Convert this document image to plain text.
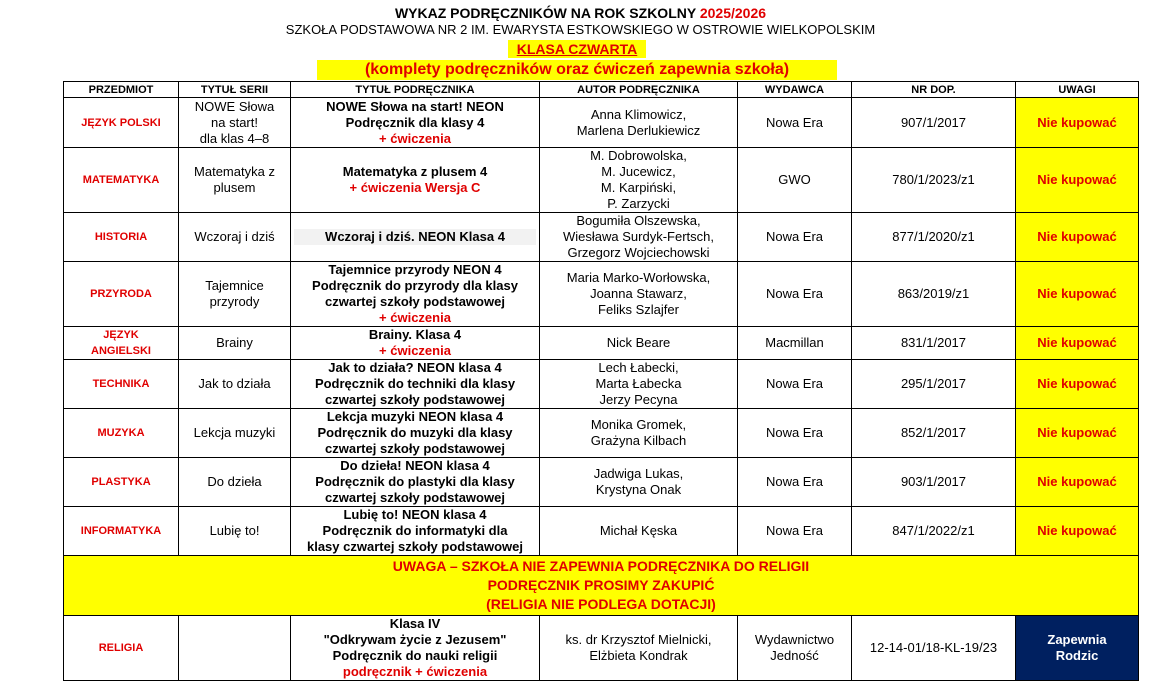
WYKAZ PODRĘCZNIKÓW NA ROK SZKOLNY 2025/2026
SZKOŁA PODSTAWOWA NR 2 IM. EWARYSTA ESTKOWSKIEGO W OSTROWIE WIELKOPOLSKIM
KLASA CZWARTA
(komplety podręczników oraz ćwiczeń zapewnia szkoła)
PRZEDMIOT	TYTUŁ SERII	TYTUŁ PODRĘCZNIKA	AUTOR PODRĘCZNIKA	WYDAWCA	NR DOP.	UWAGI

JĘZYK POLSKI	NOWE Słowa
na start!
dla klas 4–8	NOWE Słowa na start! NEON
Podręcznik dla klasy 4
+ ćwiczenia	Anna Klimowicz,
Marlena Derlukiewicz	Nowa Era	907/1/2017	Nie kupować

MATEMATYKA	Matematyka z
plusem	Matematyka z plusem 4
+ ćwiczenia Wersja C	M. Dobrowolska,
M. Jucewicz,
M. Karpiński,
P. Zarzycki	GWO	780/1/2023/z1	Nie kupować

HISTORIA	Wczoraj i dziś	Wczoraj i dziś. NEON Klasa 4	Bogumiła Olszewska,
Wiesława Surdyk-Fertsch,
Grzegorz Wojciechowski	Nowa Era	877/1/2020/z1	Nie kupować

PRZYRODA	Tajemnice
przyrody	Tajemnice przyrody NEON 4
Podręcznik do przyrody dla klasy
czwartej szkoły podstawowej
+ ćwiczenia	Maria Marko-Worłowska,
Joanna Stawarz,
Feliks Szlajfer	Nowa Era	863/2019/z1	Nie kupować

JĘZYK
ANGIELSKI	Brainy	Brainy. Klasa 4
+ ćwiczenia	Nick Beare	Macmillan	831/1/2017	Nie kupować

TECHNIKA	Jak to działa	Jak to działa? NEON klasa 4
Podręcznik do techniki dla klasy
czwartej szkoły podstawowej	Lech Łabecki,
Marta Łabecka
Jerzy Pecyna	Nowa Era	295/1/2017	Nie kupować

MUZYKA	Lekcja muzyki	Lekcja muzyki NEON klasa 4
Podręcznik do muzyki dla klasy
czwartej szkoły podstawowej	Monika Gromek,
Grażyna Kilbach	Nowa Era	852/1/2017	Nie kupować

PLASTYKA	Do dzieła	Do dzieła! NEON klasa 4
Podręcznik do plastyki dla klasy
czwartej szkoły podstawowej	Jadwiga Lukas,
Krystyna Onak	Nowa Era	903/1/2017	Nie kupować

INFORMATYKA	Lubię to!	Lubię to! NEON klasa 4
Podręcznik do informatyki dla
klasy czwartej szkoły podstawowej	Michał Kęska	Nowa Era	847/1/2022/z1	Nie kupować

UWAGA – SZKOŁA NIE ZAPEWNIA PODRĘCZNIKA DO RELIGII
PODRĘCZNIK PROSIMY ZAKUPIĆ
(RELIGIA NIE PODLEGA DOTACJI)						

RELIGIA		Klasa IV
"Odkrywam życie z Jezusem"
Podręcznik do nauki religii
podręcznik + ćwiczenia	ks. dr Krzysztof Mielnicki,
Elżbieta Kondrak	Wydawnictwo
Jedność	12-14-01/18-KL-19/23	Zapewnia
Rodzic
